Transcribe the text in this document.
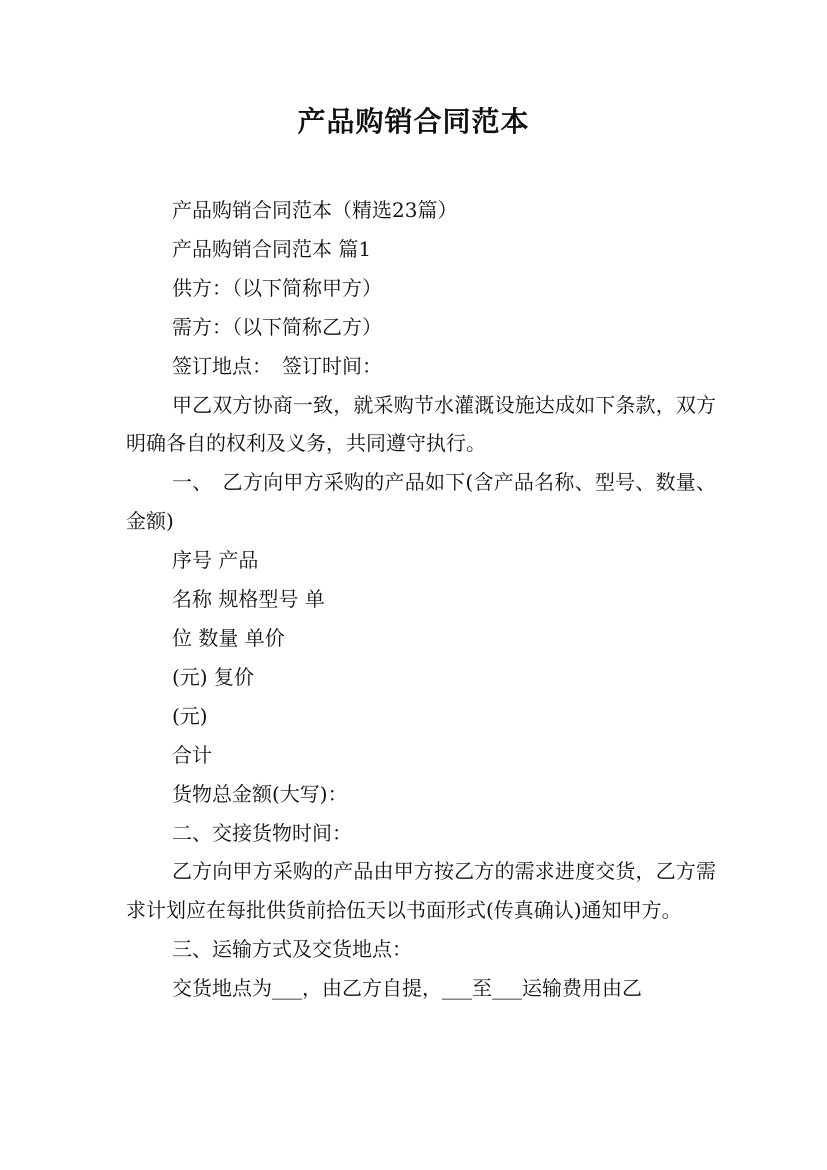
产品购销合同范本

产品购销合同范本（精选23篇）

产品购销合同范本 篇1

供方：（以下简称甲方）

需方：（以下简称乙方）

签订地点：　签订时间：

甲乙双方协商一致，就采购节水灌溉设施达成如下条款，双方明确各自的权利及义务，共同遵守执行。

一、　乙方向甲方采购的产品如下(含产品名称、型号、数量、金额)

序号 产品

名称 规格型号 单

位 数量 单价

(元) 复价

(元)

合计

货物总金额(大写)：

二、交接货物时间：

乙方向甲方采购的产品由甲方按乙方的需求进度交货，乙方需求计划应在每批供货前拾伍天以书面形式(传真确认)通知甲方。

三、运输方式及交货地点：

交货地点为___，由乙方自提，___至___运输费用由乙
